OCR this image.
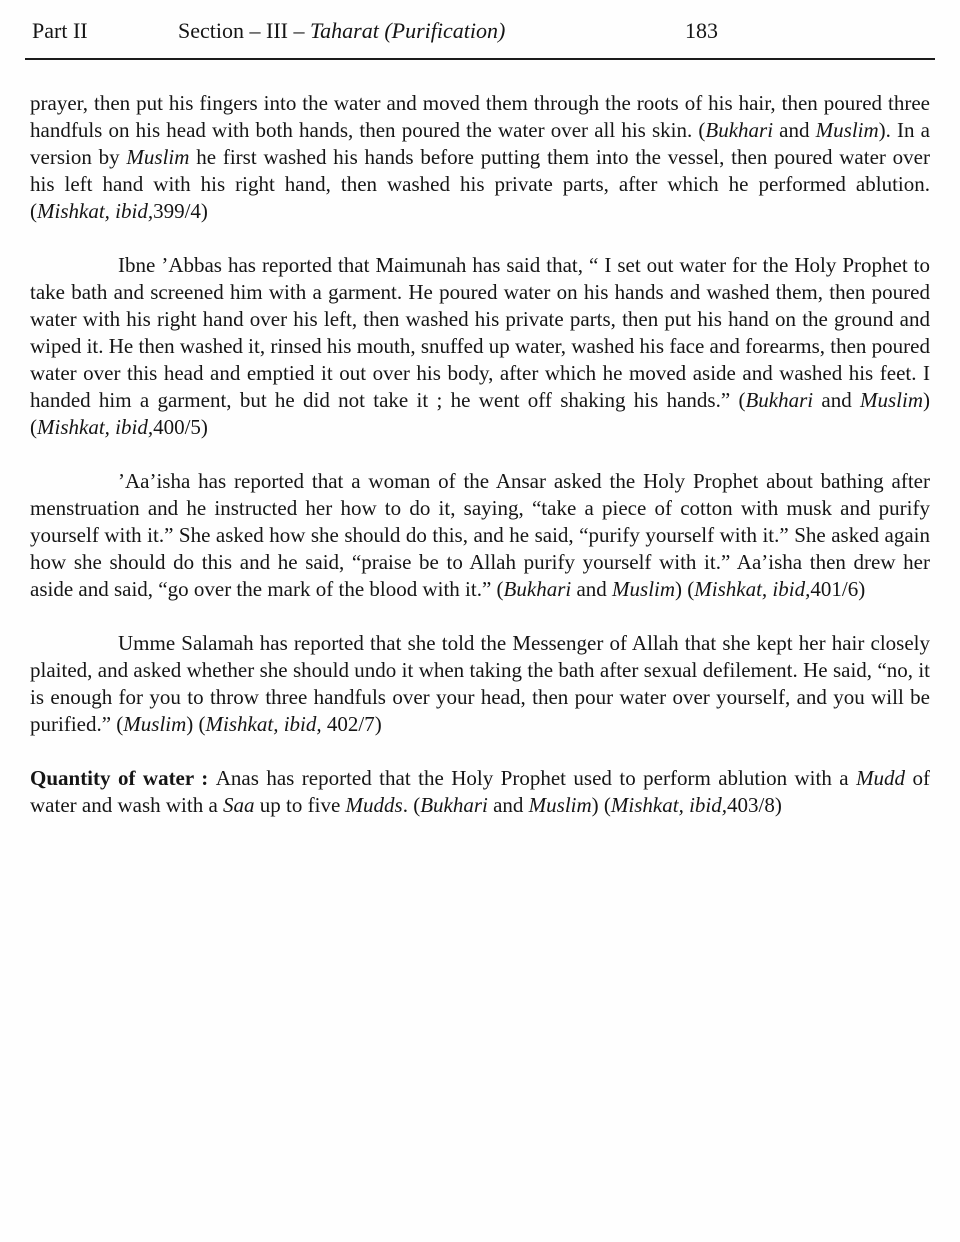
Part II	Section – III – Taharat (Purification)	183

prayer, then put his fingers into the water and moved them through the roots of his hair, then poured three handfuls on his head with both hands, then poured the water over all his skin. (Bukhari and Muslim). In a version by Muslim he first washed his hands before putting them into the vessel, then poured water over his left hand with his right hand, then washed his private parts, after which he performed ablution. (Mishkat, ibid,399/4)

Ibne ’Abbas has reported that Maimunah has said that, “ I set out water for the Holy Prophet to take bath and screened him with a garment. He poured water on his hands and washed them, then poured water with his right hand over his left, then washed his private parts, then put his hand on the ground and wiped it. He then washed it, rinsed his mouth, snuffed up water, washed his face and forearms, then poured water over this head and emptied it out over his body, after which he moved aside and washed his feet. I handed him a garment, but he did not take it ; he went off shaking his hands.” (Bukhari and Muslim) (Mishkat, ibid,400/5)

’Aa’isha has reported that a woman of the Ansar asked the Holy Prophet about bathing after menstruation and he instructed her how to do it, saying, “take a piece of cotton with musk and purify yourself with it.” She asked how she should do this, and he said, “purify yourself with it.” She asked again how she should do this and he said, “praise be to Allah purify yourself with it.” Aa’isha then drew her aside and said, “go over the mark of the blood with it.” (Bukhari and Muslim) (Mishkat, ibid,401/6)

Umme Salamah has reported that she told the Messenger of Allah that she kept her hair closely plaited, and asked whether she should undo it when taking the bath after sexual defilement. He said, “no, it is enough for you to throw three handfuls over your head, then pour water over yourself, and you will be purified.” (Muslim) (Mishkat, ibid, 402/7)

Quantity of water : Anas has reported that the Holy Prophet used to perform ablution with a Mudd of water and wash with a Saa up to five Mudds. (Bukhari and Muslim) (Mishkat, ibid,403/8)
